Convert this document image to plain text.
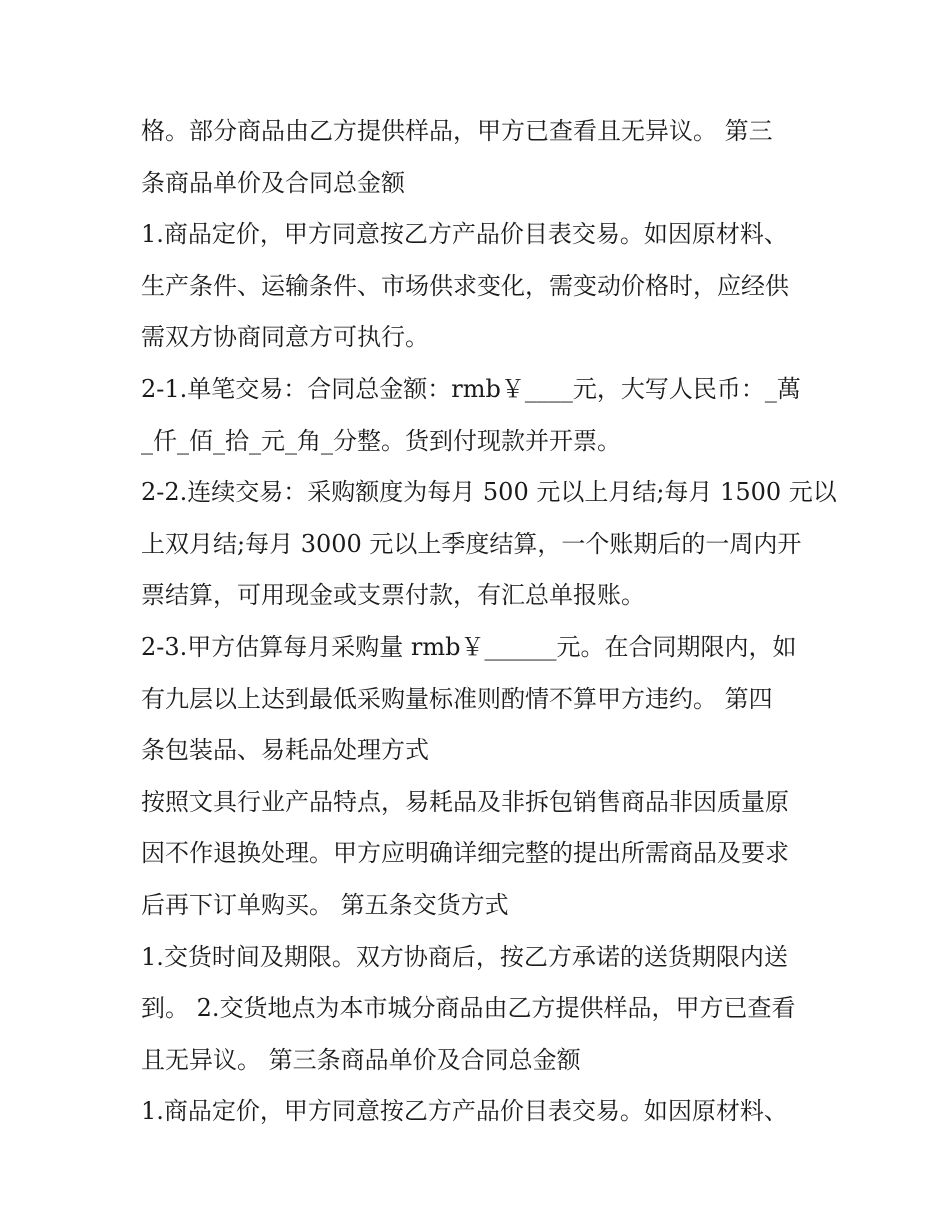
格。部分商品由乙方提供样品，甲方已查看且无异议。 第三
条商品单价及合同总金额
1.商品定价，甲方同意按乙方产品价目表交易。如因原材料、
生产条件、运输条件、市场供求变化，需变动价格时，应经供
需双方协商同意方可执行。
2-1.单笔交易：合同总金额：rmb￥____元，大写人民币：_萬
_仟_佰_拾_元_角_分整。货到付现款并开票。
2-2.连续交易：采购额度为每月 500 元以上月结;每月 1500 元以
上双月结;每月 3000 元以上季度结算，一个账期后的一周内开
票结算，可用现金或支票付款，有汇总单报账。
2-3.甲方估算每月采购量 rmb￥______元。在合同期限内，如
有九层以上达到最低采购量标准则酌情不算甲方违约。 第四
条包装品、易耗品处理方式
按照文具行业产品特点，易耗品及非拆包销售商品非因质量原
因不作退换处理。甲方应明确详细完整的提出所需商品及要求
后再下订单购买。 第五条交货方式
1.交货时间及期限。双方协商后，按乙方承诺的送货期限内送
到。 2.交货地点为本市城分商品由乙方提供样品，甲方已查看
且无异议。 第三条商品单价及合同总金额
1.商品定价，甲方同意按乙方产品价目表交易。如因原材料、
